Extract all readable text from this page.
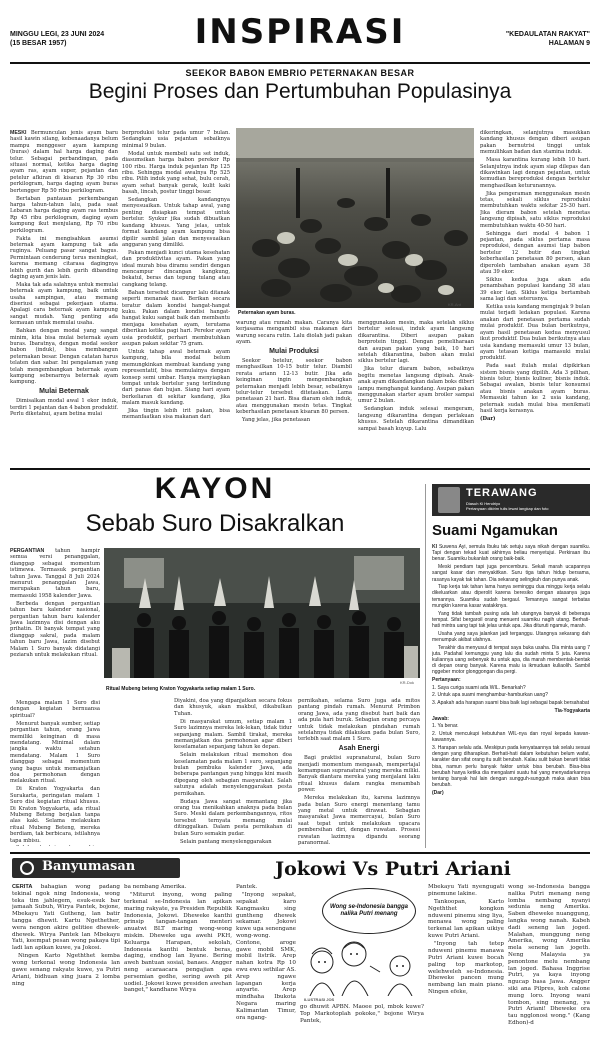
MINGGU LEGI, 23 JUNI 2024
(15 BESAR 1957)	INSPIRASI	"KEDAULATAN RAKYAT"
HALAMAN 9
SEEKOR BABON EMBRIO PETERNAKAN BESAR
Begini Proses dan Pertumbuhan Populasinya

MESKI Bermunculan jenis ayam baru hasil kawin silang, kebenaadanya belum mampu menggeser ayam kampung (buras) dalam hal harga daging dan telur. Sebagai perbandingan, pada situasi normal, ketika harga daging ayam ras, ayam super, pejantan dan petelur afkiran di kisaran Rp 30 ribu perkilogram, harga daging ayam buras bertengger Rp 50 ribu perkilogram.

Bertaban pantauan perkembangan harga tahun-tahun lalu, pada saat Lebaran harga daging ayam ras tembus Rp 45 ribu perkilogram, daging ayam kampung ikut menjulang, Rp 70 ribu perkilogram.

Fakta ini mengisahkan asumsi beternak ayam kampung tak ada ruginya. Peluang pasar sangat bagus. Permintaan cenderung terus meningkat, karena memang citarasa dagingnya lebih gurih dan lebih gurih dibanding daging ayam jenis lain.

Maka tak ada salahnya untuk memulai beternak ayam kampung, baik untuk usaha sampingan, atau memang diseriusi sebagai pekerjaan utama. Apalagi cara beternak ayam kampung sangat mudah. Yang penting ada kemauan untuk memulai usaha.

Bahkan dengan modal yang sangat minim, kita bisa mulai beternak ayam buras. Ibaratnya, dengan modal seekor babon (induk), bisa membangun peternakan besar. Dengan catatan harus telaten dan sabar. Ini pengalaman yang telah mengembangkan beternak ayam kampung sebenarnya beternak ayam kampung.

Mulai Beternak

Dimisalkan modal awal 1 ekor induk, terdiri 1 pejantan dan 4 babon produktif. Perlu diketahui, ayam betina mulai

berproduksi telur pada umur 7 bulan. Sedangkan usia pejantan sebaiknya minimal 9 bulan.

Modal untuk membeli satu set induk, diasumsikan harga babon perekor Rp 100 ribu. Harga induk pejantan Rp 125 ribu. Sehingga modal awalnya Rp 525 ribu. Pilih induk yang sehat, bulu cerah, ayam sehat banyak gerak, kulit kaki basah, lincah, postur tinggi besar.

Sedangkan kandangnya menyesuaikan. Untuk tahap awal, yang penting disiapkan tempat untuk bertelur. Syukur jika sudah dibuatkan kandang khusus. Yang jelas, untuk format kandang ayam kampung bisa dipilir sambil jalan dan menyesuaikan anggaran yang dimiliki.

Pakan menjadi kunci utama kesehatan dan produktivitas ayam. Pakan yang ideal murah bisa diramu sendiri dengan mencampur dincangan kangkung, bekatul, beras dan tepung tulang atau cangkang telang.

Bahan tersebut dicampur lalu ditanak seperti menanak nasi. Berikan secara teratur dalam kondisi hangat-hangat kuku. Pakan dalam kondisi hangat-hangat kuku sangat baik dan membantu menjaga kesehatan ayam, terutama diberikan ketika pagi hari. Pereksr ayam usia produktif, perhari membutuhkan asupan pakan sekitar 75 gram.

Untuk tahap awal beternak ayam kampung, bila modal belum memungkinkan membuat kandang yang representatif, bisa memulainya dengan konsep semi umbar. Hanya menyiapkan tempat untuk bertelur yang terlindung dari panas dan hujan. Siang hari ayam berkeliaran di sekitar kandang, jika malam masuk kandang.

Jika tingin lebih irit pakan, bisa memanfaatkan sisa makanan dari

KR-Ant
Peternakan ayam buras.

warung atau rumah makan. Caranya kita kerjasama mengambil sisa makanan dari warung secara rutin. Lalu diolah jadi pakan ayam.

Mulai Produksi

Seekor betelur, seekor babon menghasilkan 10-15 butir telur. Diambil rerata ariann 12-13 butir. Jika ada keinginan ingin mengembangkan peternakan menjadi lebih besar, sebaiknya telur-telur tersebut ditetaskan. Lama penetasan 21 hari. Bisa diaram oleh induk, atau menggunakan mesin tetas. Tingkat keberhasilan penetasan kisaran 80 persen.

Yang jelas, jika penetasan

menggunakan mesin, maka setelah siklus bertelur selesai, induk ayam langsung dikarantina. Diberi asupan pakan berprotein tinggi. Dengan pemeliharaan dan asupan pakan yang baik, 10 hari setelah dikarantina, babon akan mulai siklus bertelur lagi.

Jika telur diaram babon, sebaiknya begitu menetas langsung dipisah. Anak-anak ayam dikandangkan dalam boks diberi lampu menghangat kandang. Asupan pakan menggunakan starter ayam broiler sampai umur 2 bulan.

Sedangkan induk selesai mengeram, langsung dikarantina dengan perlakuan khusus. Setelah dikarantina dimandikan sampai basah kuyup. Lalu

dikeringkan, selanjutnya masukkan kandang khusus dengan diberi asupan pakan bernutrisi tinggi untuk memulihkan badan dan stamina induk.

Masa karantina kurang lebih 10 hari. Selanjutnya induk ayam siap dilepas dan dikawinkan lagi dengan pejantan, untuk kemudian bereproduksi dengan bertelur menghasilkan keturunannya.

Jika pengeraman menggunakan mesin tetas, sekali siklus reproduksi membutuhkan waktu sekitar 25-30 hari. Jika dieram babon setelah menetas langsung dipisah, satu siklus reproduksi membutuhkan waktu 40-50 hari.

Sehingga dari modal 4 babon 1 pejantan, pada siklus pertama masa reproduksi, dengan asumsi tiap babon bertelur 12 butir dan tingkat keberhasilan penetasan 80 persen, akan diperoleh tambahan anakan ayam 38 atau 39 ekor.

Siklus kedua juga akan ada penambahan populasi kandang 38 atau 39 ekor lagi. Siklus ketiga bertambah sama lagi dan seterusnya.

Ketika usia kandang menginjak 9 bulan mulai terjadi ledakan populasi. Karena anakan dari penetasan pertama sudah mulai produktif. Dua bulan berikutnya, ayam hasil penetasan kedua menyusul ikut produktif. Dua bulan berikutnya atau usia kandang memasuki umur 13 bulan, ayam tetasan ketiga mamasuki mulai produktif.

Pada saat itulah mulai dipikirkan sistem bisnis yang dipilih. Ada 3 pilihan, bisnis telur, bisnis kuliner, bisnis induk. Sebagai awalan, bisnis telur konsumsi atau bisnis anakan ayam buras. Memasuki tahun ke 2 usia kandang, peternak sudah mulai bisa menikmati hasil kerja kerasnya.

(Dar)

KAYON
Sebab Suro Disakralkan

PERGANTIAN tahun hampir semua versi penanggalan, dianggap sebagai momentum istimewa. Termasuk pergantian tahun Jawa. Tanggal 8 Juli 2024 menurut penanggalan Jawa, merupakan tahun baru, memasuki 1958 kalender Jawa.

Berbeda dengan pergantian tahun baru kalender nasional, pergantian tahun baru kalender Jawa lazimnya disi dengan aku prihatin. Di banyak tempat yang dianggap sakral, pada malam tahun baru Jawa, lazim disebut Malam 1 Suro banyak didatangi peziarah untuk melakukan ritual.

KR-Dok
Ritual Mubeng beteng Kraton Yogyakarta setiap malam 1 Suro.

Mengapa malam 1 Suro disi dengan kegiatan bernuansa spiritual?

Menurut banyak sumber, setiap pergantian tahun, orang Jawa memiliki keinginan di masa mendatang. Minimal dalam jangka waktu setahun mendatang. Malam 1 Suro dianggap sebagai momentum yang bagus untuk memanjatkan doa permohonan dengan melakukan ritual.

Di Kraton Yogyakarta dan Surakarta, peringatan malam 1 Suro disi kegiatan ritual khusus. Di Kraton Yogyakarta, ada ritual Mubeng Beteng berjalan tanpa alas kaki. Selama melakukan ritual Mubeng Beteng, mereka berdiam, tak berbicara, istilahnya tapa mbisu.

Diyakini, doa yang dipanjatkan secara fokus dan khusyuk, akan makbul, dikabulkan Tuhan.

Di masyarakat umum, setiap malam 1 Suro lazimnya mereka lek-lekan, tidak tidur sepanjang malam. Sambil tirakat, mereka memanjatkan doa permohonan agar diberi keselamatan sepanjang tahun ke depan.

Selain melakukan ritual memohon doa keselamatan pada malam 1 suro, sepanjang bulan pembuka kalender Jawa, ada beberapa pantangan yang hingga kini masih dipegang oleh sebagian masyarakat. Salah satunya adalah menyelenggarakan pesta pernikahan.

Budaya Jawa sangat memantang jika orang tua menikahkan anaknya pada bulan Suro. Meski dalam perkembangannya, ritos tersebut ternyata memang mulai ditinggalkan. Dalam pesta pernikahan di bulan Suro semakin pudar.

Selain pantang menyelenggarakan

pernikahan, selama Suro juga ada mitos pantang pindah rumah. Menurut Primbon orang Jawa, ada yang disebut hari baik dan ada pula hari buruk. Sebagian orang percaya untuk tidak melakukan pindahan rumah setelahnya tidak dilakukan pada bulan Suro, terlebih saat malam 1 Suro.

Asah Energi

Bagi praktisi supranatural, bulan Suro menjadi momentum mengasah, mempertajal kemampuan supranatural yang mereka miliki. Banyak diantara mereka yang menjalani laku ritual khusus dalam rangka menambah power.

Mereka melakukan itu, karena lazimnya pada bulan Suro energi menentang tamu yang metal untuk dirawat. Sebagian masyarakat Jawa memercayai, bulan Suro saat tepat untuk melakukan upacara pembersihan diri, dengan ruwatan. Prosesi ruwatan lazimnya dipandu seorang paranormal.

TERAWANG
Diasuh Ki Hendriyo
Pertanyaan dikirim tulis lewat langkap dan foto
Suami Ngamukan

KI Suwena Ayi, semula Ibuku tak setuju saya nikah dengan suamiku. Tapi dengan tekad kuat akhirnya beliau menyetujui. Perkiraan ibu benar. Suamiku bukanlah orang baik-baik.

Meski pendiam tapi juga pencemburu. Sekali marah ucapannya sangat kasar dan menyakitkan. Suru tiga tahun hidup bersama, rasanya kayak tak tahan. Dia sekarang selingkuh dan punya anak.

Tiap kerja tak tahan lama hanya seminggu dua minggu kerja selalu dikeluarkan atau diperolit karena beresiko dengan atasanya juga temannya. Suamiku sudah bergaul. Temannya sangat terbatas mungkin karena kasar watakknya.

Yang tidak tambah pusing ada lah utangnya banyak di beberapa tempat. Sifat bergaroil orang menuent suamiku nagih utang. Berhati-hati mintra uang tapi tak jelas untuk apa. Jika dituruti ngamuk, marah.

Usaha yang saya jalankan jadi terganggu. Utangnya sekarang dah menumpuk akibat ulahnya.

Terakhir dia menyusul di tempat saya buka usaha. Dia minta uang 7 juta. Padahal kemunggu yang lalu dia sudah minta 5 juta. Karena kuliannya uang sebenyak itu untuk apa, dia marah membentak-bentak di depan orang banyak. Karena malu ia ikmuduan kuliaolih. Sambil nggeber motor glonggongan dia pergi.

Pertanyaan:

1. Saya curiga suami ada WIL. Benarkah?

2. Untuk apa suami menghambur-hamburkan uang?

3. Apakah ada harapan suami bisa baik lagi sebagai bapak bersahabat

Tia-Yogyakarta

Jawab:

1. Ya benar.

2. Untuk mencukupi kebutuhan WIL-nya dan royal kepada kawan-kawannya.

3. Harapan selalu ada. Meskipun pada kenyataannya tak selalu sesuai dengan yang diharapkan. Berhati-hati dalam kebutuhan belum wafat, karakter dan sifat orang itu sulit berubah. Kalau sulit bukan berarti tidak bisa, namun perlu banyak faktor untuk bisa berubah. Bisa-bisa berubah hanya ketika dia mengalami suatu hal yang menyadarkannya tentang banyak hal lain dengan sungguh-sungguh maka akan bisa berubah.

(Dar)

Banyumasan	Jokowi Vs Putri Ariani

CERITA bahagian wong padang tekinal ngok ning Indonesia, wong teka tim jahlegem, esuk-esuk bar jamaah Subuh, Wirya Pantek, bojone, Mbekayu Yati Gutheng, lan batir tangga dhewit. Kartu Ngethether, wera nengon akire gelitiee dhewek-dhewek. Wirya Pantek lan Mbekayu Yati, keempat pesan wong pakaya tipi ladi lan apikan kuwe, ya Jokosi.

Ningen Karto Ngeththet kemba wong terkenal wong Indonesia lan gawe senang rakyate kuwe, ya Putri Ariani, bidhuan sing juara 2 lomba ning

ba nembang Amerika.

"Miturut inyong, wong paling terkenal se-Indonesia lan apikan maring rakyate, ya Presiden Republik Indonesia, Jokowi. Dheweke kanthi prinsip tangan-tangan menteri anuatwi BLT maring wong-wong miskin. Dheweke uga awehi PKH, Keluarga Harapan, sekolah, Indonesia kanthi bentuk beras, daging, endhog lan liyane. Bering aweh bantuan sosial, banaes. Angger neng acaraacara pengajian apa persemian gedhe, sering aweh pit uodiel. Jokowi kuwe presiden awehan banget," kandhane Wirya

Pantek.

"Inyong sepakat, sepakat karo Kangmasku sing guntheng dhewek sekamar. Jokowi kuwe uga senengane wong-wong. Contone, aroge gawe mobil SMK, mobil listrik. Arep nahan kotra Rp 10 ewu ewu sethilar AS. Arep ngawe lapangan kerja anyarte. Arep mindhaha Ibukota Negara maring Kalimantan Timur, ora ngang-

Wong se-Indonesia bangga nalika Putri menang
ILUSTRASI JOS

go dhuwit APBN. Maoee pol, mbok kuwe? Top Markotoplah pokoke," bojone Wirya Pantek,

Mbekayu Yati nyengugati pinemune lakine.

Tankoopan, Karto Ngeththet kongkon nduweni pinemu sing liya, menawa wong paling terkenal lan apikan uikiye kuwe Putri Ariani.

"Inyong tah tetep nduweni pinemu manawa Putri Ariani kuwe bocah paling top markotop, welehweleh se-Indonesia. Dheweke pancen mung nembang lan main piano. Ningen efeke,

wong se-Indonesia bangga nalika Putri menang neng lomba nembang nyanyi sedunia neng Amerika. Saben dheweke nuanggung, langka wong nanah. Kabeh dadi seneng lan joged. Malahan, munggung neng Amerika, wong Amerika mela seneng lan jogeth. Neng Malaysia ya penontone melu nembang lan joged. Bahasa Inggrise Putri, ya kaya inyong ngucap basa Jawa. Angger siki ana Pilpres, koh calone mung loro. Inyong wani tombon, sing menang, ya Putri Ariani! Dheweke ora tau ngglonosi wong." (Kang Edhon)-d
